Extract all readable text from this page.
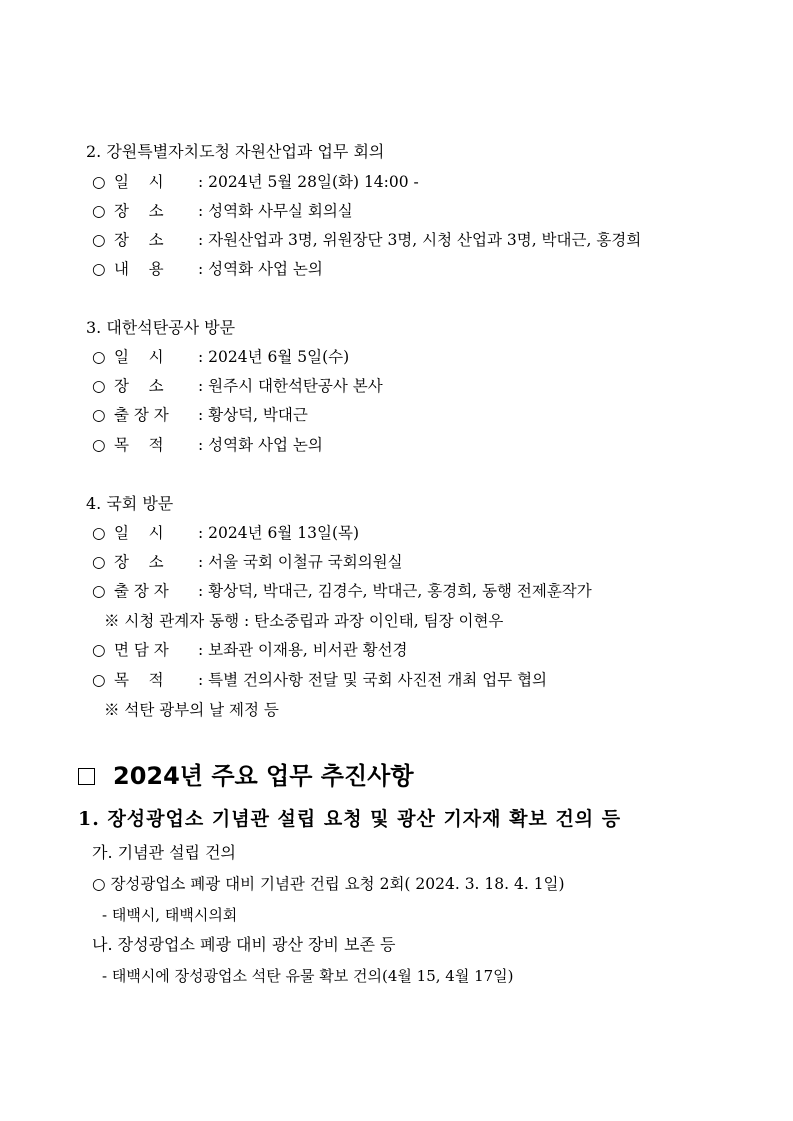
2. 강원특별자치도청 자원산업과 업무 회의
○ 일    시 : 2024년 5월 28일(화) 14:00 -
○ 장    소 : 성역화 사무실 회의실
○ 장    소 : 자원산업과 3명, 위원장단 3명, 시청 산업과 3명, 박대근, 홍경희
○ 내    용 : 성역화 사업 논의
3. 대한석탄공사 방문
○ 일    시 : 2024년 6월 5일(수)
○ 장    소 : 원주시 대한석탄공사 본사
○ 출 장 자 : 황상덕, 박대근
○ 목    적 : 성역화 사업 논의
4. 국회 방문
○ 일    시 : 2024년 6월 13일(목)
○ 장    소 : 서울 국회 이철규 국회의원실
○ 출 장 자 : 황상덕, 박대근, 김경수, 박대근, 홍경희, 동행 전제훈작가
※ 시청 관계자 동행 : 탄소중립과 과장 이인태, 팀장 이현우
○ 면 담 자 : 보좌관 이재용, 비서관 황선경
○ 목    적 : 특별 건의사항 전달 및 국회 사진전 개최 업무 협의
※ 석탄 광부의 날 제정 등
2024년 주요 업무 추진사항
1. 장성광업소 기념관 설립 요청 및 광산 기자재 확보 건의 등
가. 기념관 설립 건의
○ 장성광업소 폐광 대비 기념관 건립 요청 2회( 2024. 3. 18. 4. 1일)
- 태백시, 태백시의회
나. 장성광업소 폐광 대비 광산 장비 보존 등
- 태백시에 장성광업소 석탄 유물 확보 건의(4월 15, 4월 17일)
